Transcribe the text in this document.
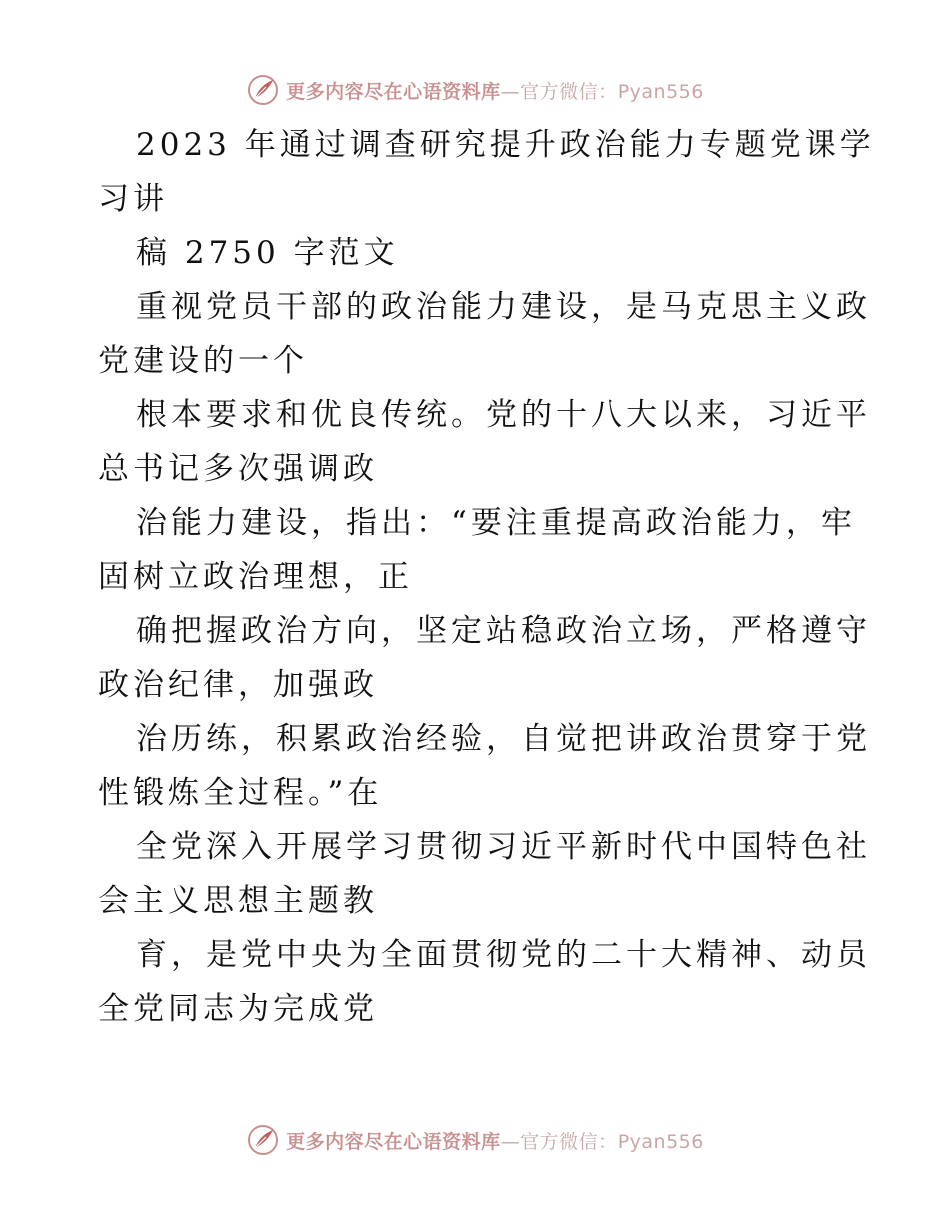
更多内容尽在心语资料库—官方微信：Pyan556
2023 年通过调查研究提升政治能力专题党课学
习讲
稿 2750 字范文
重视党员干部的政治能力建设，是马克思主义政
党建设的一个
根本要求和优良传统。党的十八大以来，习近平
总书记多次强调政
治能力建设，指出：“要注重提高政治能力，牢
固树立政治理想，正
确把握政治方向，坚定站稳政治立场，严格遵守
政治纪律，加强政
治历练，积累政治经验，自觉把讲政治贯穿于党
性锻炼全过程。”在
全党深入开展学习贯彻习近平新时代中国特色社
会主义思想主题教
育，是党中央为全面贯彻党的二十大精神、动员
全党同志为完成党
更多内容尽在心语资料库—官方微信：Pyan556
